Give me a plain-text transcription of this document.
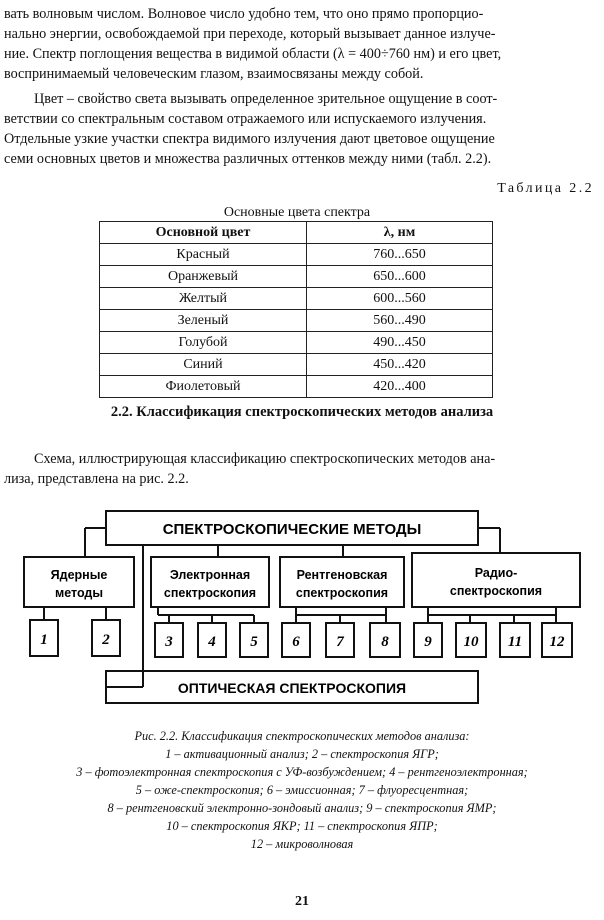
вать волновым числом. Волновое число удобно тем, что оно прямо пропорцио-
нально энергии, освобождаемой при переходе, который вызывает данное излуче-
ние. Спектр поглощения вещества в видимой области (λ = 400÷760 нм) и его цвет,
воспринимаемый человеческим глазом, взаимосвязаны между собой.

Цвет – свойство света вызывать определенное зрительное ощущение в соот-
ветствии со спектральным составом отражаемого или испускаемого излучения.
Отдельные узкие участки спектра видимого излучения дают цветовое ощущение
семи основных цветов и множества различных оттенков между ними (табл. 2.2).

Таблица 2.2
Основные цвета спектра
Основной цвет	λ, нм
Красный	760...650
Оранжевый	650...600
Желтый	600...560
Зеленый	560...490
Голубой	490...450
Синий	450...420
Фиолетовый	420...400
2.2. Классификация спектроскопических методов анализа

Схема, иллюстрирующая классификацию спектроскопических методов ана-
лиза, представлена на рис. 2.2.

СПЕКТРОСКОПИЧЕСКИЕ МЕТОДЫ
ОПТИЧЕСКАЯ СПЕКТРОСКОПИЯ
Ядерные
методы
Электронная
спектроскопия
Рентгеновская
спектроскопия
Радио-
спектроскопия
1	2	3 4 5 6 7	8 9 10 11 12
Рис. 2.2. Классификация спектроскопических методов анализа:
1 – активационный анализ; 2 – спектроскопия ЯГР;
3 – фотоэлектронная спектроскопия с УФ-возбуждением; 4 – рентгеноэлектронная;
5 – оже-спектроскопия; 6 – эмиссионная; 7 – флуоресцентная;
8 – рентгеновский электронно-зондовый анализ; 9 – спектроскопия ЯМР;
10 – спектроскопия ЯКР; 11 – спектроскопия ЯПР;
12 – микроволновая
21
